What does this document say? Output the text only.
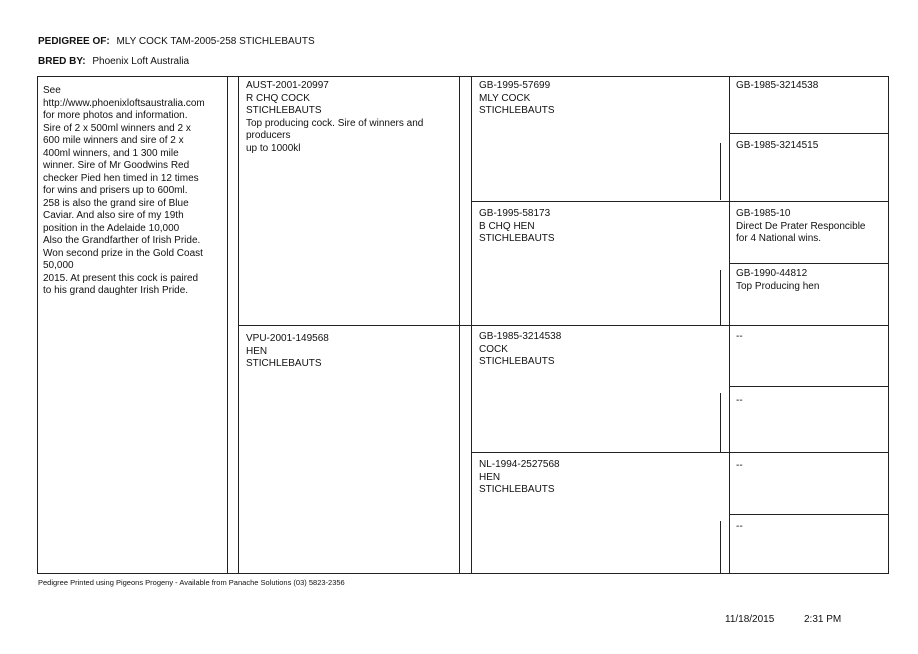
PEDIGREE OF: MLY COCK TAM-2005-258 STICHLEBAUTS
BRED BY: Phoenix Loft Australia
See
http://www.phoenixloftsaustralia.com
for more photos and information.
Sire of 2 x 500ml winners and 2 x
600 mile winners and sire of 2 x
400ml winners, and 1 300 mile
winner. Sire of Mr Goodwins Red
checker Pied hen timed in 12 times
for wins and prisers up to 600ml.
258 is also the grand sire of Blue
Caviar. And also sire of my 19th
position in the Adelaide 10,000
Also the Grandfarther of Irish Pride.
Won second prize in the Gold Coast
50,000
2015. At present this cock is paired
to his grand daughter Irish Pride.
AUST-2001-20997
R CHQ COCK
STICHLEBAUTS
Top producing cock. Sire of winners and
producers
up to 1000kl
VPU-2001-149568
HEN
STICHLEBAUTS
GB-1995-57699
MLY COCK
STICHLEBAUTS
GB-1995-58173
B CHQ HEN
STICHLEBAUTS
GB-1985-3214538
COCK
STICHLEBAUTS
NL-1994-2527568
HEN
STICHLEBAUTS
GB-1985-3214538
GB-1985-3214515
GB-1985-10
Direct De Prater Responcible
for 4 National wins.
GB-1990-44812
Top Producing hen
--
--
--
--
Pedigree Printed using Pigeons Progeny - Available from Panache Solutions (03) 5823-2356
11/18/2015	2:31 PM
